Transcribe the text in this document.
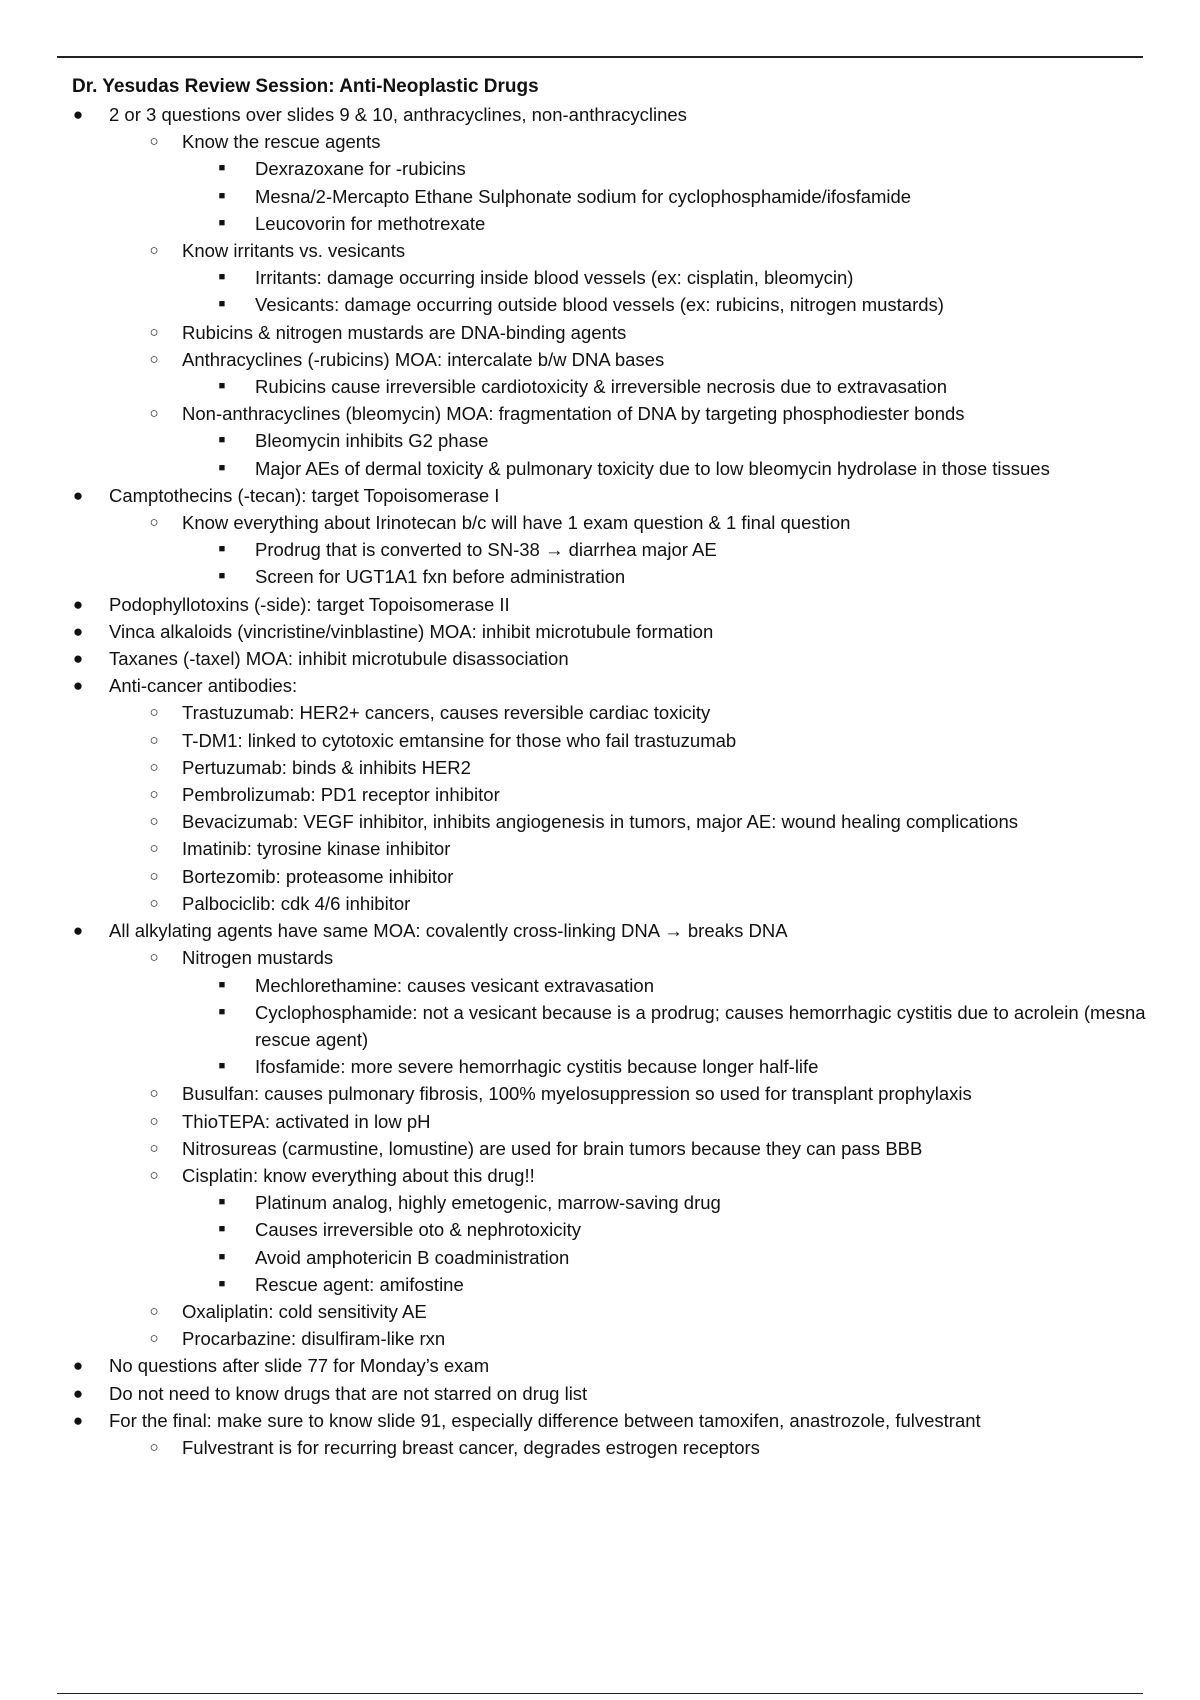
Dr. Yesudas Review Session: Anti-Neoplastic Drugs
● 2 or 3 questions over slides 9 & 10, anthracyclines, non-anthracyclines
○ Know the rescue agents
■	Dexrazoxane for -rubicins
■	Mesna/2-Mercapto Ethane Sulphonate sodium for cyclophosphamide/ifosfamide
■	Leucovorin for methotrexate
○ Know irritants vs. vesicants
■	Irritants: damage occurring inside blood vessels (ex: cisplatin, bleomycin)
■	Vesicants: damage occurring outside blood vessels (ex: rubicins, nitrogen mustards)
○ Rubicins & nitrogen mustards are DNA-binding agents
○ Anthracyclines (-rubicins) MOA: intercalate b/w DNA bases
■	Rubicins cause irreversible cardiotoxicity & irreversible necrosis due to extravasation
○ Non-anthracyclines (bleomycin) MOA: fragmentation of DNA by targeting phosphodiester bonds
■	Bleomycin inhibits G2 phase
■	Major AEs of dermal toxicity & pulmonary toxicity due to low bleomycin hydrolase in those tissues
● Camptothecins (-tecan): target Topoisomerase I
○ Know everything about Irinotecan b/c will have 1 exam question & 1 final question
■	Prodrug that is converted to SN-38 → diarrhea major AE
■	Screen for UGT1A1 fxn before administration
● Podophyllotoxins (-side): target Topoisomerase II
● Vinca alkaloids (vincristine/vinblastine) MOA: inhibit microtubule formation
● Taxanes (-taxel) MOA: inhibit microtubule disassociation
● Anti-cancer antibodies:
○ Trastuzumab: HER2+ cancers, causes reversible cardiac toxicity
○ T-DM1: linked to cytotoxic emtansine for those who fail trastuzumab
○ Pertuzumab: binds & inhibits HER2
○ Pembrolizumab: PD1 receptor inhibitor
○ Bevacizumab: VEGF inhibitor, inhibits angiogenesis in tumors, major AE: wound healing complications
○ Imatinib: tyrosine kinase inhibitor
○ Bortezomib: proteasome inhibitor
○ Palbociclib: cdk 4/6 inhibitor
● All alkylating agents have same MOA: covalently cross-linking DNA → breaks DNA
○ Nitrogen mustards
■	Mechlorethamine: causes vesicant extravasation
■	Cyclophosphamide: not a vesicant because is a prodrug; causes hemorrhagic cystitis due to acrolein (mesna rescue agent)
■	Ifosfamide: more severe hemorrhagic cystitis because longer half-life
○ Busulfan: causes pulmonary fibrosis, 100% myelosuppression so used for transplant prophylaxis
○ ThioTEPA: activated in low pH
○ Nitrosureas (carmustine, lomustine) are used for brain tumors because they can pass BBB
○ Cisplatin: know everything about this drug!!
■	Platinum analog, highly emetogenic, marrow-saving drug
■	Causes irreversible oto & nephrotoxicity
■	Avoid amphotericin B coadministration
■	Rescue agent: amifostine
○ Oxaliplatin: cold sensitivity AE
○ Procarbazine: disulfiram-like rxn
● No questions after slide 77 for Monday’s exam
● Do not need to know drugs that are not starred on drug list
● For the final: make sure to know slide 91, especially difference between tamoxifen, anastrozole, fulvestrant
○ Fulvestrant is for recurring breast cancer, degrades estrogen receptors
